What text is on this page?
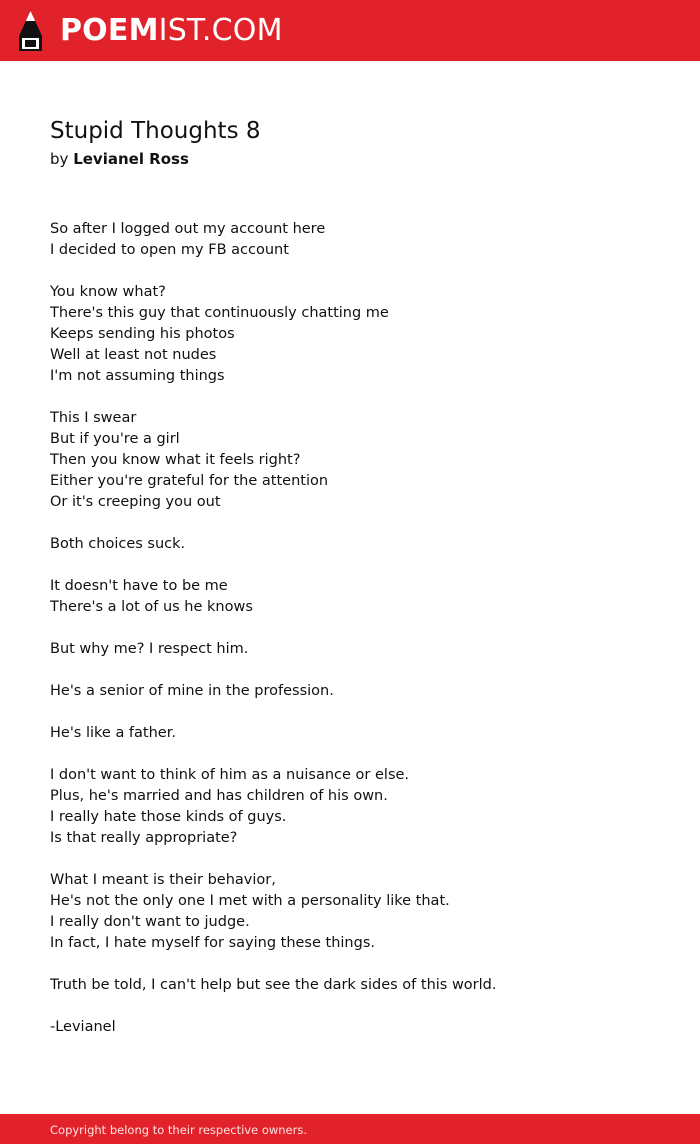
POEMIST.COM
Stupid Thoughts 8
by Levianel Ross
So after I logged out my account here
I decided to open my FB account
You know what?
There's this guy that continuously chatting me
Keeps sending his photos
Well at least not nudes
I'm not assuming things
This I swear
But if you're a girl
Then you know what it feels right?
Either you're grateful for the attention
Or it's creeping you out
Both choices suck.
It doesn't have to be me
There's a lot of us he knows
But why me? I respect him.
He's a senior of mine in the profession.
He's like a father.
I don't want to think of him as a nuisance or else.
Plus, he's married and has children of his own.
I really hate those kinds of guys.
Is that really appropriate?
What I meant is their behavior,
He's not the only one I met with a personality like that.
I really don't want to judge.
In fact, I hate myself for saying these things.
Truth be told, I can't help but see the dark sides of this world.
-Levianel
Copyright belong to their respective owners.
